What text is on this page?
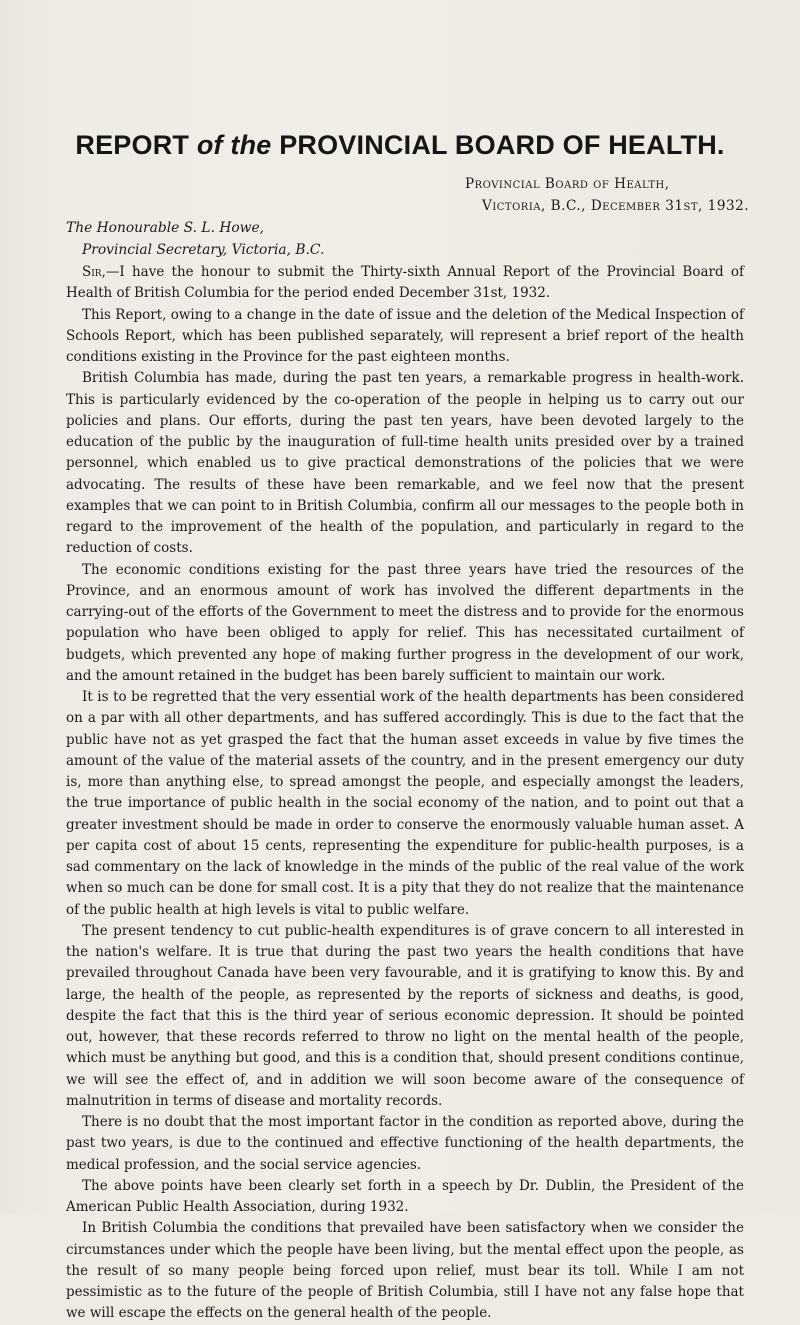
REPORT of the PROVINCIAL BOARD OF HEALTH.
Provincial Board of Health,
Victoria, B.C., December 31st, 1932.
The Honourable S. L. Howe,
Provincial Secretary, Victoria, B.C.

Sir,—I have the honour to submit the Thirty-sixth Annual Report of the Provincial Board of Health of British Columbia for the period ended December 31st, 1932.

This Report, owing to a change in the date of issue and the deletion of the Medical Inspection of Schools Report, which has been published separately, will represent a brief report of the health conditions existing in the Province for the past eighteen months.

British Columbia has made, during the past ten years, a remarkable progress in health-work. This is particularly evidenced by the co-operation of the people in helping us to carry out our policies and plans. Our efforts, during the past ten years, have been devoted largely to the education of the public by the inauguration of full-time health units presided over by a trained personnel, which enabled us to give practical demonstrations of the policies that we were advocating. The results of these have been remarkable, and we feel now that the present examples that we can point to in British Columbia, confirm all our messages to the people both in regard to the improvement of the health of the population, and particularly in regard to the reduction of costs.

The economic conditions existing for the past three years have tried the resources of the Province, and an enormous amount of work has involved the different departments in the carrying-out of the efforts of the Government to meet the distress and to provide for the enormous population who have been obliged to apply for relief. This has necessitated curtailment of budgets, which prevented any hope of making further progress in the development of our work, and the amount retained in the budget has been barely sufficient to maintain our work.

It is to be regretted that the very essential work of the health departments has been considered on a par with all other departments, and has suffered accordingly. This is due to the fact that the public have not as yet grasped the fact that the human asset exceeds in value by five times the amount of the value of the material assets of the country, and in the present emergency our duty is, more than anything else, to spread amongst the people, and especially amongst the leaders, the true importance of public health in the social economy of the nation, and to point out that a greater investment should be made in order to conserve the enormously valuable human asset. A per capita cost of about 15 cents, representing the expenditure for public-health purposes, is a sad commentary on the lack of knowledge in the minds of the public of the real value of the work when so much can be done for small cost. It is a pity that they do not realize that the maintenance of the public health at high levels is vital to public welfare.

The present tendency to cut public-health expenditures is of grave concern to all interested in the nation's welfare. It is true that during the past two years the health conditions that have prevailed throughout Canada have been very favourable, and it is gratifying to know this. By and large, the health of the people, as represented by the reports of sickness and deaths, is good, despite the fact that this is the third year of serious economic depression. It should be pointed out, however, that these records referred to throw no light on the mental health of the people, which must be anything but good, and this is a condition that, should present conditions continue, we will see the effect of, and in addition we will soon become aware of the consequence of malnutrition in terms of disease and mortality records.

There is no doubt that the most important factor in the condition as reported above, during the past two years, is due to the continued and effective functioning of the health departments, the medical profession, and the social service agencies.

The above points have been clearly set forth in a speech by Dr. Dublin, the President of the American Public Health Association, during 1932.

In British Columbia the conditions that prevailed have been satisfactory when we consider the circumstances under which the people have been living, but the mental effect upon the people, as the result of so many people being forced upon relief, must bear its toll. While I am not pessimistic as to the future of the people of British Columbia, still I have not any false hope that we will escape the effects on the general health of the people.
